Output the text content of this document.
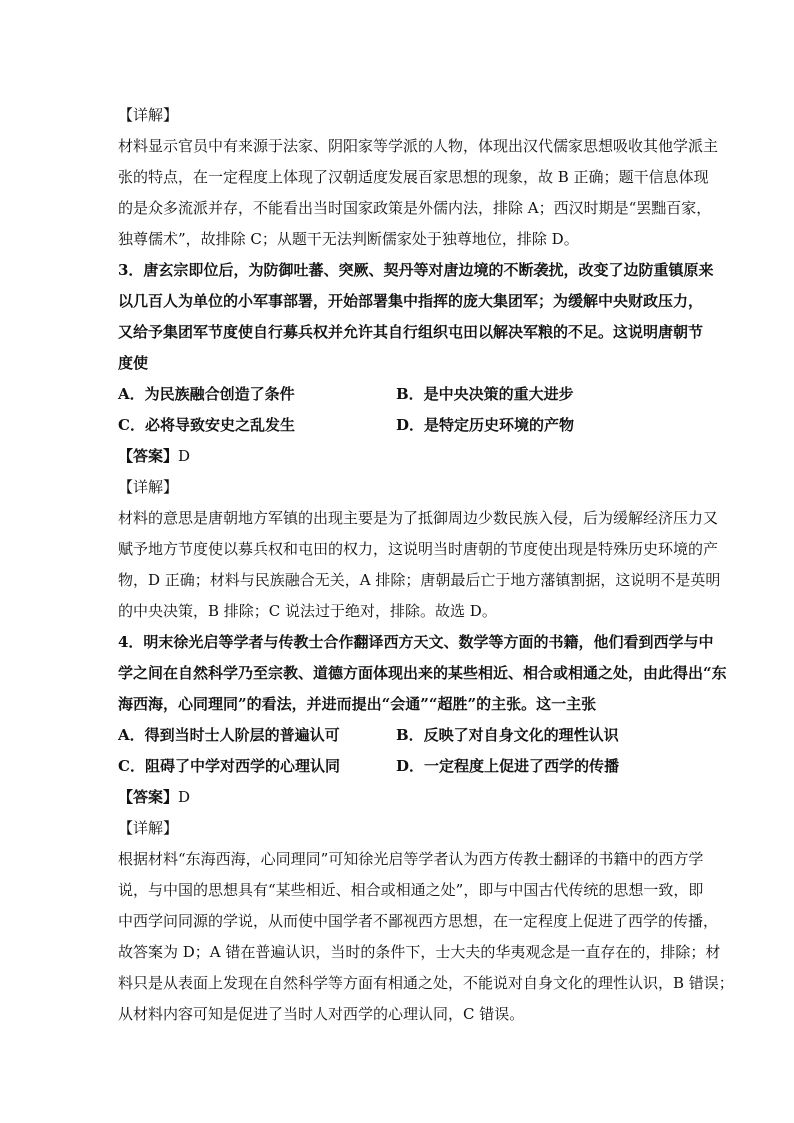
【详解】
材料显示官员中有来源于法家、阴阳家等学派的人物，体现出汉代儒家思想吸收其他学派主
张的特点，在一定程度上体现了汉朝适度发展百家思想的现象，故 B 正确；题干信息体现
的是众多流派并存，不能看出当时国家政策是外儒内法，排除 A；西汉时期是“罢黜百家，
独尊儒术”，故排除 C；从题干无法判断儒家处于独尊地位，排除 D。
3．唐玄宗即位后，为防御吐蕃、突厥、契丹等对唐边境的不断袭扰，改变了边防重镇原来
以几百人为单位的小军事部署，开始部署集中指挥的庞大集团军；为缓解中央财政压力，
又给予集团军节度使自行募兵权并允许其自行组织屯田以解决军粮的不足。这说明唐朝节
度使
A．为民族融合创造了条件	B．是中央决策的重大进步
C．必将导致安史之乱发生	D．是特定历史环境的产物
【答案】D
【详解】
材料的意思是唐朝地方军镇的出现主要是为了抵御周边少数民族入侵，后为缓解经济压力又
赋予地方节度使以募兵权和屯田的权力，这说明当时唐朝的节度使出现是特殊历史环境的产
物，D 正确；材料与民族融合无关，A 排除；唐朝最后亡于地方藩镇割据，这说明不是英明
的中央决策，B 排除；C 说法过于绝对，排除。故选 D。
4．明末徐光启等学者与传教士合作翻译西方天文、数学等方面的书籍，他们看到西学与中
学之间在自然科学乃至宗教、道德方面体现出来的某些相近、相合或相通之处，由此得出“东
海西海，心同理同”的看法，并进而提出“会通”“超胜”的主张。这一主张
A．得到当时士人阶层的普遍认可	B．反映了对自身文化的理性认识
C．阻碍了中学对西学的心理认同	D．一定程度上促进了西学的传播
【答案】D
【详解】
根据材料“东海西海，心同理同”可知徐光启等学者认为西方传教士翻译的书籍中的西方学
说，与中国的思想具有“某些相近、相合或相通之处”，即与中国古代传统的思想一致，即
中西学问同源的学说，从而使中国学者不鄙视西方思想，在一定程度上促进了西学的传播，
故答案为 D；A 错在普遍认识，当时的条件下，士大夫的华夷观念是一直存在的，排除；材
料只是从表面上发现在自然科学等方面有相通之处，不能说对自身文化的理性认识，B 错误；
从材料内容可知是促进了当时人对西学的心理认同，C 错误。
